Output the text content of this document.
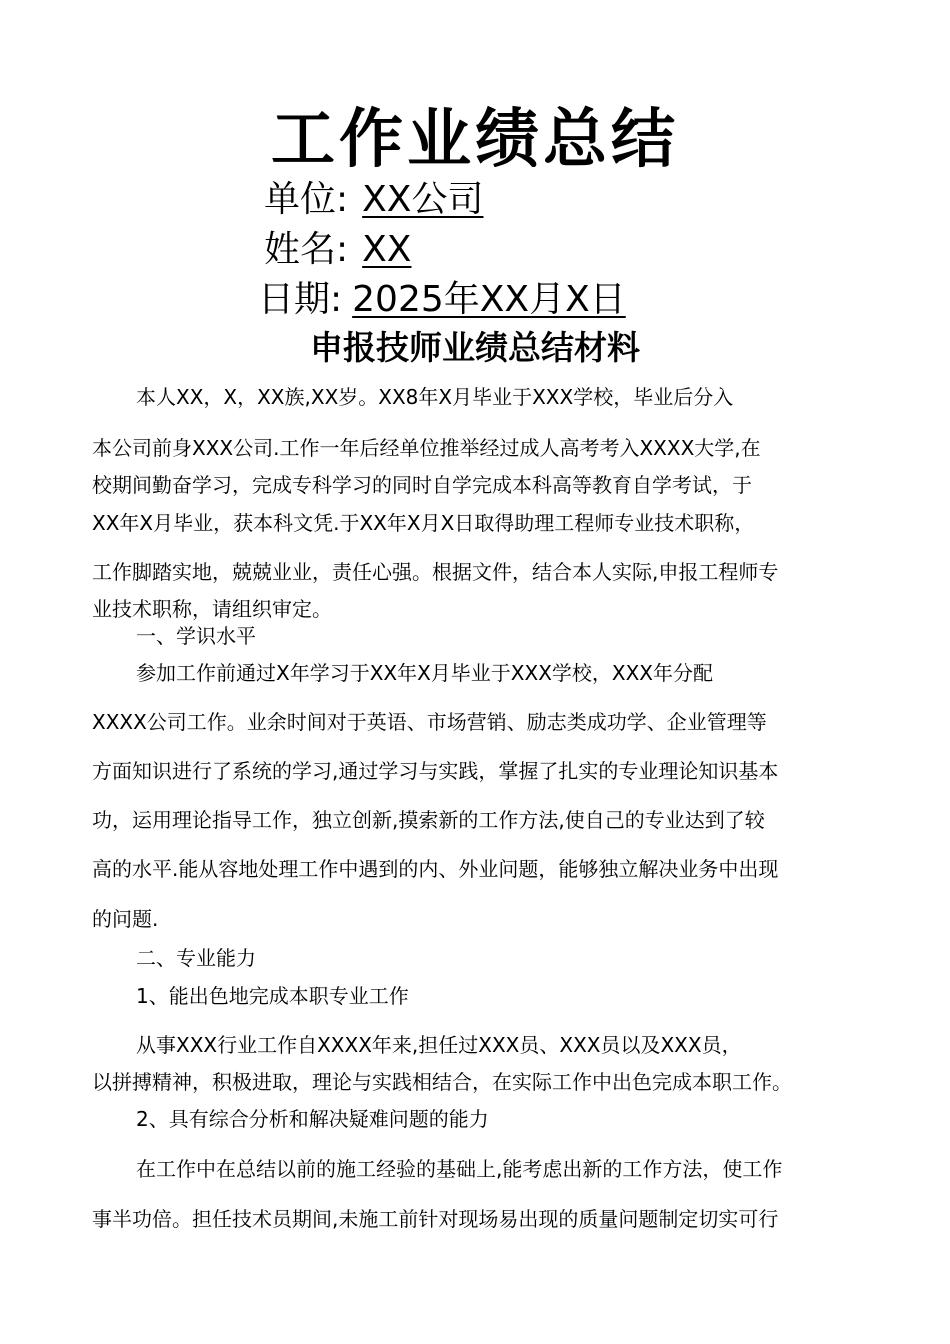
工作业绩总结
单位: XX公司
姓名: XX
日期: 2025年XX月X日
申报技师业绩总结材料
本人XX，X，XX族,XX岁。XX8年X月毕业于XXX学校，毕业后分入
本公司前身XXX公司.工作一年后经单位推举经过成人高考考入XXXX大学,在
校期间勤奋学习，完成专科学习的同时自学完成本科高等教育自学考试，于
XX年X月毕业，获本科文凭.于XX年X月X日取得助理工程师专业技术职称，
工作脚踏实地，兢兢业业，责任心强。根据文件，结合本人实际,申报工程师专
业技术职称，请组织审定。
一、学识水平
参加工作前通过X年学习于XX年X月毕业于XXX学校，XXX年分配
XXXX公司工作。业余时间对于英语、市场营销、励志类成功学、企业管理等
方面知识进行了系统的学习,通过学习与实践，掌握了扎实的专业理论知识基本
功，运用理论指导工作，独立创新,摸索新的工作方法,使自己的专业达到了较
高的水平.能从容地处理工作中遇到的内、外业问题，能够独立解决业务中出现
的问题.
二、专业能力
1、能出色地完成本职专业工作
从事XXX行业工作自XXXX年来,担任过XXX员、XXX员以及XXX员，
以拼搏精神，积极进取，理论与实践相结合，在实际工作中出色完成本职工作。
2、具有综合分析和解决疑难问题的能力
在工作中在总结以前的施工经验的基础上,能考虑出新的工作方法，使工作
事半功倍。担任技术员期间,未施工前针对现场易出现的质量问题制定切实可行
